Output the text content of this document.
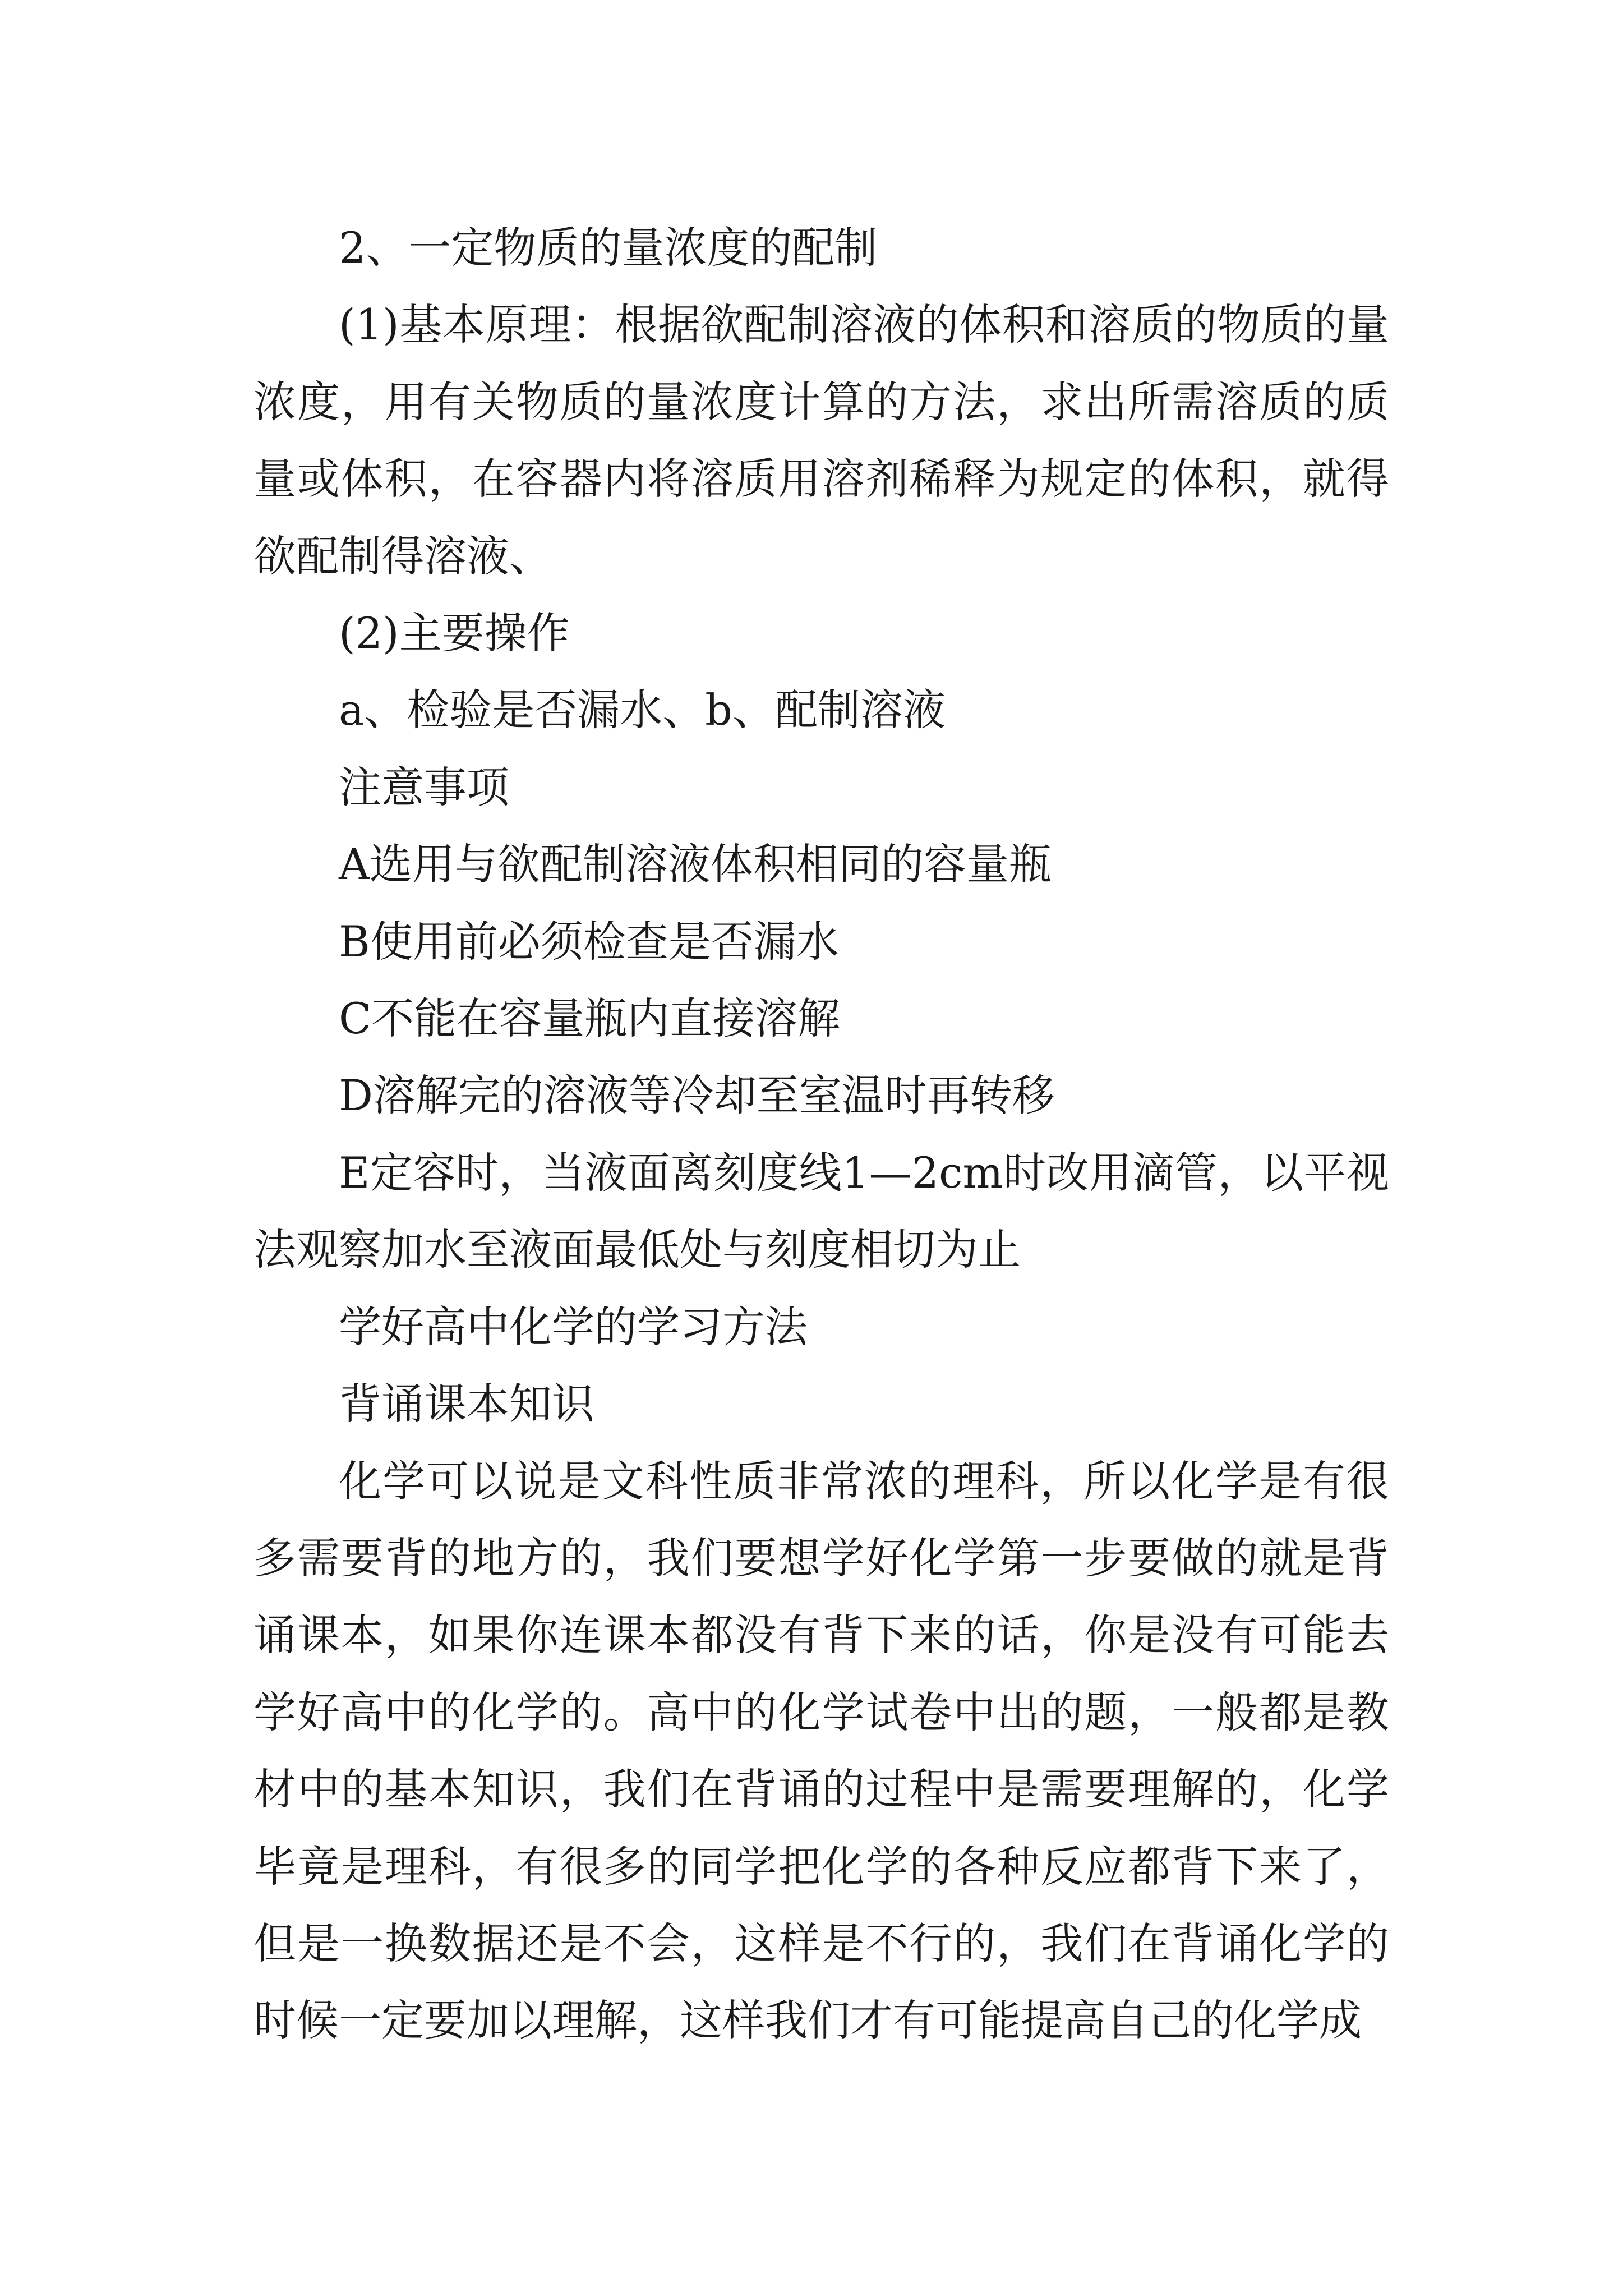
2、一定物质的量浓度的配制

(1)基本原理：根据欲配制溶液的体积和溶质的物质的量浓度，用有关物质的量浓度计算的方法，求出所需溶质的质量或体积，在容器内将溶质用溶剂稀释为规定的体积，就得欲配制得溶液、

(2)主要操作

a、检验是否漏水、b、配制溶液

注意事项

A选用与欲配制溶液体积相同的容量瓶

B使用前必须检查是否漏水

C不能在容量瓶内直接溶解

D溶解完的溶液等冷却至室温时再转移

E定容时，当液面离刻度线1—2cm时改用滴管，以平视法观察加水至液面最低处与刻度相切为止

学好高中化学的学习方法

背诵课本知识

化学可以说是文科性质非常浓的理科，所以化学是有很多需要背的地方的，我们要想学好化学第一步要做的就是背诵课本，如果你连课本都没有背下来的话，你是没有可能去学好高中的化学的。高中的化学试卷中出的题，一般都是教材中的基本知识，我们在背诵的过程中是需要理解的，化学毕竟是理科，有很多的同学把化学的各种反应都背下来了，但是一换数据还是不会，这样是不行的，我们在背诵化学的时候一定要加以理解，这样我们才有可能提高自己的化学成
